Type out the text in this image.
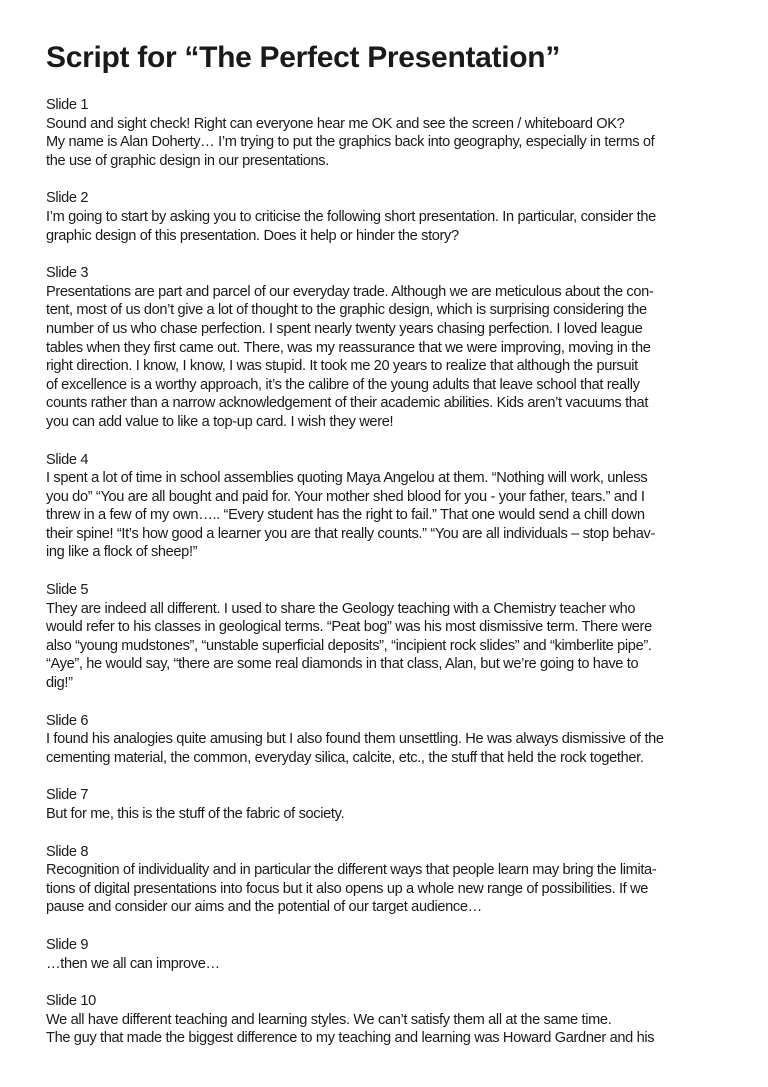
Script for “The Perfect Presentation”
Slide 1
Sound and sight check! Right can everyone hear me OK and see the screen / whiteboard OK?
My name is Alan Doherty… I’m trying to put the graphics back into geography, especially in terms of
the use of graphic design in our presentations.
Slide 2
I’m going to start by asking you to criticise the following short presentation. In particular, consider the
graphic design of this presentation. Does it help or hinder the story?
Slide 3
Presentations are part and parcel of our everyday trade. Although we are meticulous about the con-
tent, most of us don’t give a lot of thought to the graphic design, which is surprising considering the
number of us who chase perfection. I spent nearly twenty years chasing perfection. I loved league
tables when they first came out. There, was my reassurance that we were improving, moving in the
right direction. I know, I know, I was stupid. It took me 20 years to realize that although the pursuit
of excellence is a worthy approach, it’s the calibre of the young adults that leave school that really
counts rather than a narrow acknowledgement of their academic abilities. Kids aren’t vacuums that
you can add value to like a top-up card. I wish they were!
Slide 4
I spent a lot of time in school assemblies quoting Maya Angelou at them. “Nothing will work, unless
you do” “You are all bought and paid for. Your mother shed blood for you - your father, tears.” and I
threw in a few of my own….. “Every student has the right to fail.” That one would send a chill down
their spine! “It’s how good a learner you are that really counts.” “You are all individuals – stop behav-
ing like a flock of sheep!”
Slide 5
They are indeed all different. I used to share the Geology teaching with a Chemistry teacher who
would refer to his classes in geological terms. “Peat bog” was his most dismissive term. There were
also “young mudstones”, “unstable superficial deposits”, “incipient rock slides” and “kimberlite pipe”.
“Aye”, he would say, “there are some real diamonds in that class, Alan, but we’re going to have to
dig!”
Slide 6
I found his analogies quite amusing but I also found them unsettling. He was always dismissive of the
cementing material, the common, everyday silica, calcite, etc., the stuff that held the rock together.
Slide 7
But for me, this is the stuff of the fabric of society.
Slide 8
Recognition of individuality and in particular the different ways that people learn may bring the limita-
tions of digital presentations into focus but it also opens up a whole new range of possibilities. If we
pause and consider our aims and the potential of our target audience…
Slide 9
…then we all can improve…
Slide 10
We all have different teaching and learning styles. We can’t satisfy them all at the same time.
The guy that made the biggest difference to my teaching and learning was Howard Gardner and his
